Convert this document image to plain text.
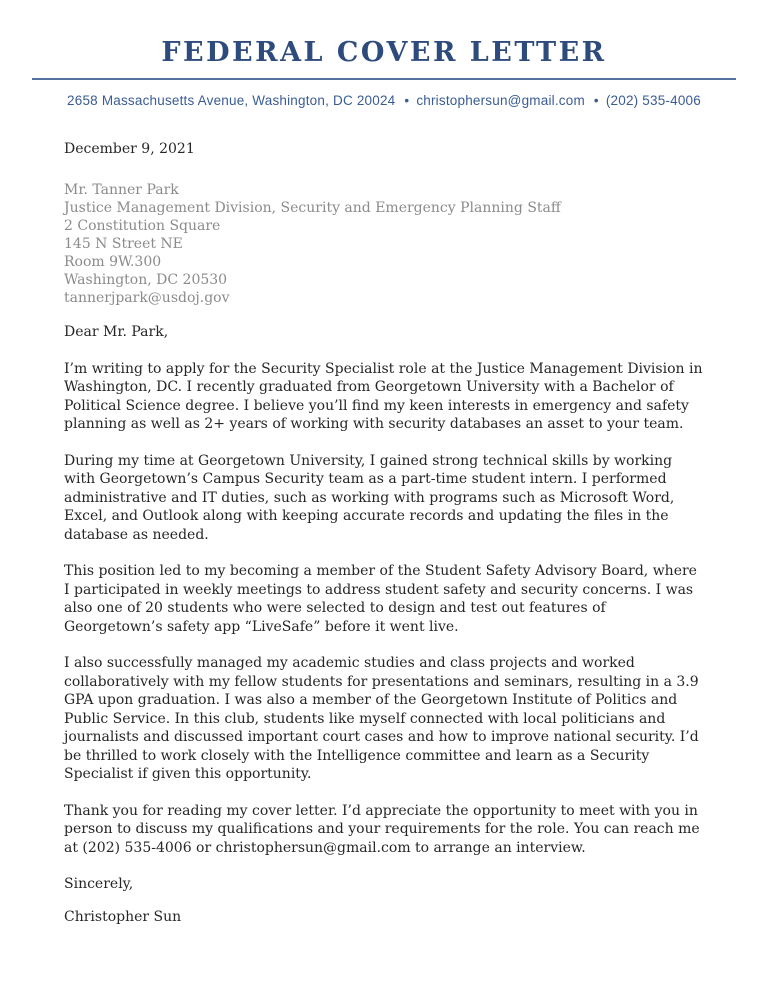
FEDERAL COVER LETTER
2658 Massachusetts Avenue, Washington, DC 20024 • christophersun@gmail.com • (202) 535-4006
December 9, 2021
Mr. Tanner Park
Justice Management Division, Security and Emergency Planning Staff
2 Constitution Square
145 N Street NE
Room 9W.300
Washington, DC 20530
tannerjpark@usdoj.gov
Dear Mr. Park,

I’m writing to apply for the Security Specialist role at the Justice Management Division in Washington, DC. I recently graduated from Georgetown University with a Bachelor of Political Science degree. I believe you’ll find my keen interests in emergency and safety planning as well as 2+ years of working with security databases an asset to your team.

During my time at Georgetown University, I gained strong technical skills by working with Georgetown’s Campus Security team as a part-time student intern. I performed administrative and IT duties, such as working with programs such as Microsoft Word, Excel, and Outlook along with keeping accurate records and updating the files in the database as needed.

This position led to my becoming a member of the Student Safety Advisory Board, where I participated in weekly meetings to address student safety and security concerns. I was also one of 20 students who were selected to design and test out features of Georgetown’s safety app “LiveSafe” before it went live.

I also successfully managed my academic studies and class projects and worked collaboratively with my fellow students for presentations and seminars, resulting in a 3.9 GPA upon graduation. I was also a member of the Georgetown Institute of Politics and Public Service. In this club, students like myself connected with local politicians and journalists and discussed important court cases and how to improve national security. I’d be thrilled to work closely with the Intelligence committee and learn as a Security Specialist if given this opportunity.

Thank you for reading my cover letter. I’d appreciate the opportunity to meet with you in person to discuss my qualifications and your requirements for the role. You can reach me at (202) 535-4006 or christophersun@gmail.com to arrange an interview.

Sincerely,
Christopher Sun
